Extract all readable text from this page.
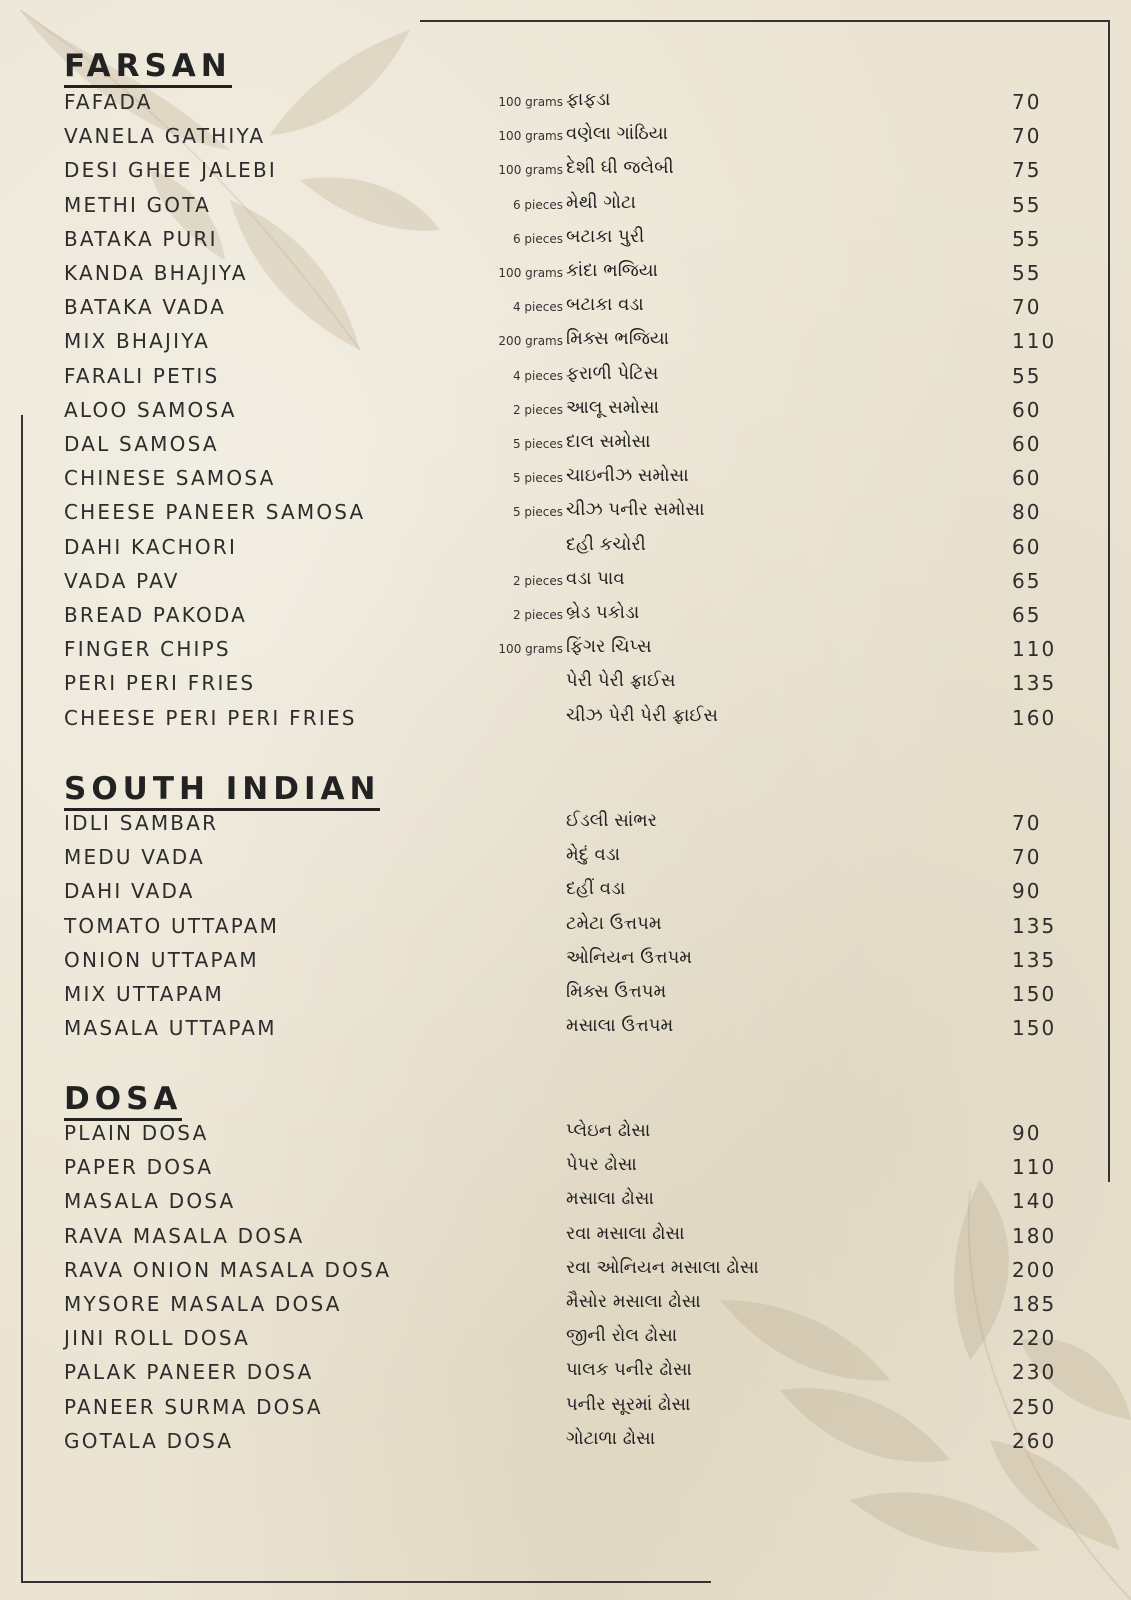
FARSAN
FAFADA	100 grams ફાફડા	70
VANELA GATHIYA	100 grams વણેલા ગાંઠિયા	70
DESI GHEE JALEBI	100 grams દેશી ઘી જલેબી	75
METHI GOTA	6 pieces મેથી ગોટા	55
BATAKA PURI	6 pieces બટાકા પુરી	55
KANDA BHAJIYA	100 grams કાંદા ભજિયા	55
BATAKA VADA	4 pieces બટાકા વડા	70
MIX BHAJIYA	200 grams મિક્સ ભજિયા	110
FARALI PETIS	4 pieces ફરાળી પેટિસ	55
ALOO SAMOSA	2 pieces આલૂ સમોસા	60
DAL SAMOSA	5 pieces દાલ સમોસા	60
CHINESE SAMOSA	5 pieces ચાઇનીઝ સમોસા	60
CHEESE PANEER SAMOSA	5 pieces ચીઝ પનીર સમોસા	80
DAHI KACHORI	દહી કચોરી	60
VADA PAV	2 pieces વડા પાવ	65
BREAD PAKODA	2 pieces બ્રેડ પકોડા	65
FINGER CHIPS	100 grams ફિંગર ચિપ્સ	110
PERI PERI FRIES	પેરી પેરી ફ્રાઈસ	135
CHEESE PERI PERI FRIES	ચીઝ પેરી પેરી ફ્રાઈસ	160
SOUTH INDIAN
IDLI SAMBAR	ઈડલી સાંભર	70
MEDU VADA	મેદું વડા	70
DAHI VADA	દહીં વડા	90
TOMATO UTTAPAM	ટમેટા ઉત્તપમ	135
ONION UTTAPAM	ઓનિયન ઉત્તપમ	135
MIX UTTAPAM	મિક્સ ઉત્તપમ	150
MASALA UTTAPAM	મસાલા ઉત્તપમ	150
DOSA
PLAIN DOSA	પ્લેઇન ઢોસા	90
PAPER DOSA	પેપર ઢોસા	110
MASALA DOSA	મસાલા ઢોસા	140
RAVA MASALA DOSA	રવા મસાલા ઢોસા	180
RAVA ONION MASALA DOSA	રવા ઓનિયન મસાલા ઢોસા	200
MYSORE MASALA DOSA	મૈસોર મસાલા ઢોસા	185
JINI ROLL DOSA	જીની રોલ ઢોસા	220
PALAK PANEER DOSA	પાલક પનીર ઢોસા	230
PANEER SURMA DOSA	પનીર સૂરમાં ઢોસા	250
GOTALA DOSA	ગોટાળા ઢોસા	260
